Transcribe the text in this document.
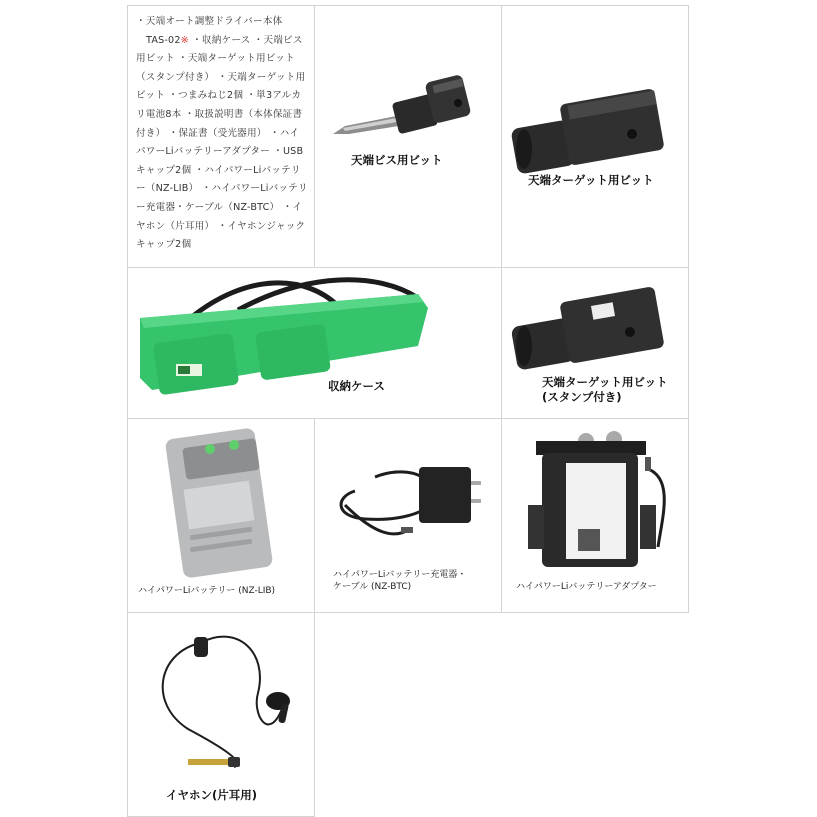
・天端オート調整ドライバー本体
TAS-02※ ・収納ケース ・天端ビス用ビット ・天端ターゲット用ビット（スタンプ付き） ・天端ターゲット用ビット ・つまみねじ2個 ・単3アルカリ電池8本 ・取扱説明書（本体保証書付き） ・保証書（受光器用） ・ハイパワーLiバッテリーアダプター ・USBキャップ2個 ・ハイパワーLiバッテリー（NZ-LIB） ・ハイパワーLiバッテリー充電器・ケーブル（NZ-BTC） ・イヤホン（片耳用） ・イヤホンジャックキャップ2個
天端ビス用ビット
天端ターゲット用ビット
収納ケース	天端ターゲット用ビット
(スタンプ付き)
ハイパワーLiバッテリー (NZ-LIB)
ハイパワーLiバッテリー充電器・
ケーブル (NZ-BTC)	ハイパワーLiバッテリーアダプター
イヤホン(片耳用)
